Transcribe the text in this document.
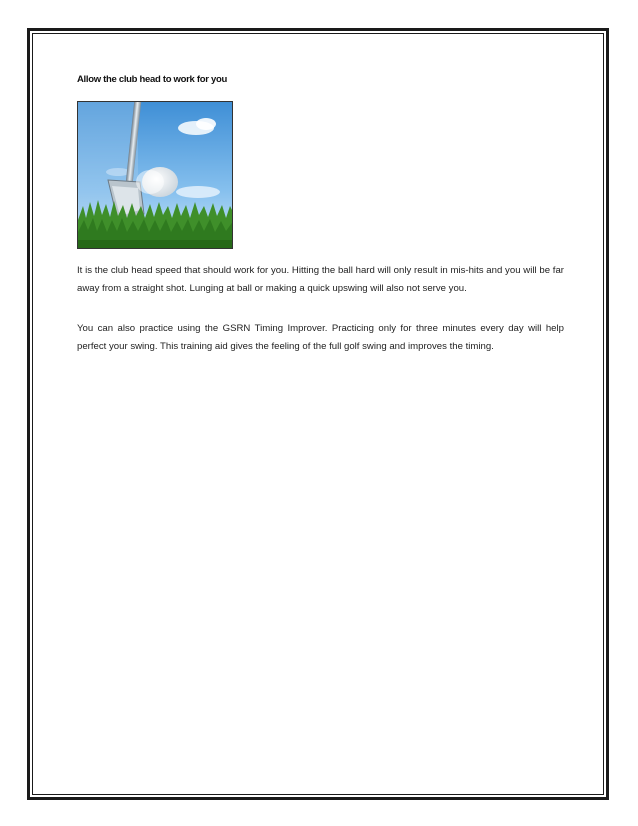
Allow the club head to work for you

It is the club head speed that should work for you. Hitting the ball hard will only result in mis-hits and you will be far away from a straight shot. Lunging at ball or making a quick upswing will also not serve you.

You can also practice using the GSRN Timing Improver. Practicing only for three minutes every day will help perfect your swing. This training aid gives the feeling of the full golf swing and improves the timing.
